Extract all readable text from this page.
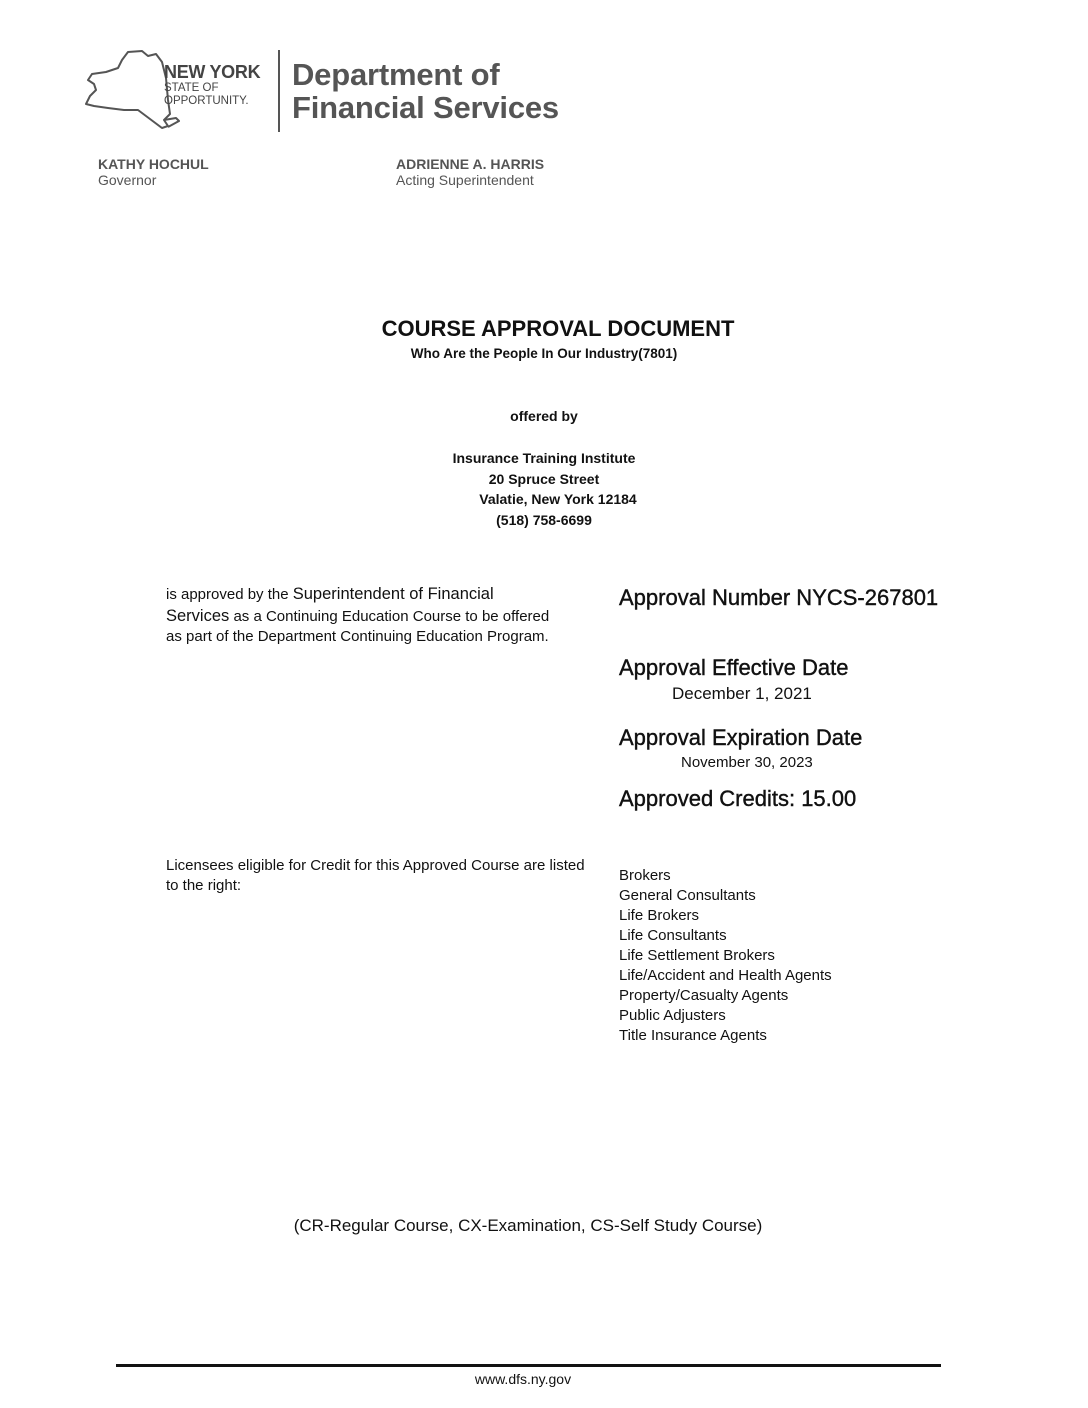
NEW YORK
STATE OF
OPPORTUNITY.
Department of
Financial Services
KATHY HOCHUL
Governor
ADRIENNE A. HARRIS
Acting Superintendent
COURSE APPROVAL DOCUMENT
Who Are the People In Our Industry(7801)
offered by
Insurance Training Institute
20 Spruce Street
Valatie, New York 12184
(518) 758-6699
is approved by the Superintendent of Financial
Services as a Continuing Education Course to be offered as part of the Department Continuing Education Program.
Approval Number NYCS-267801
Approval Effective Date
December 1, 2021
Approval Expiration Date
November 30, 2023
Approved Credits: 15.00
Licensees eligible for Credit for this Approved Course are listed to the right:
Brokers
General Consultants
Life Brokers
Life Consultants
Life Settlement Brokers
Life/Accident and Health Agents
Property/Casualty Agents
Public Adjusters
Title Insurance Agents
(CR-Regular Course, CX-Examination, CS-Self Study Course)
www.dfs.ny.gov
